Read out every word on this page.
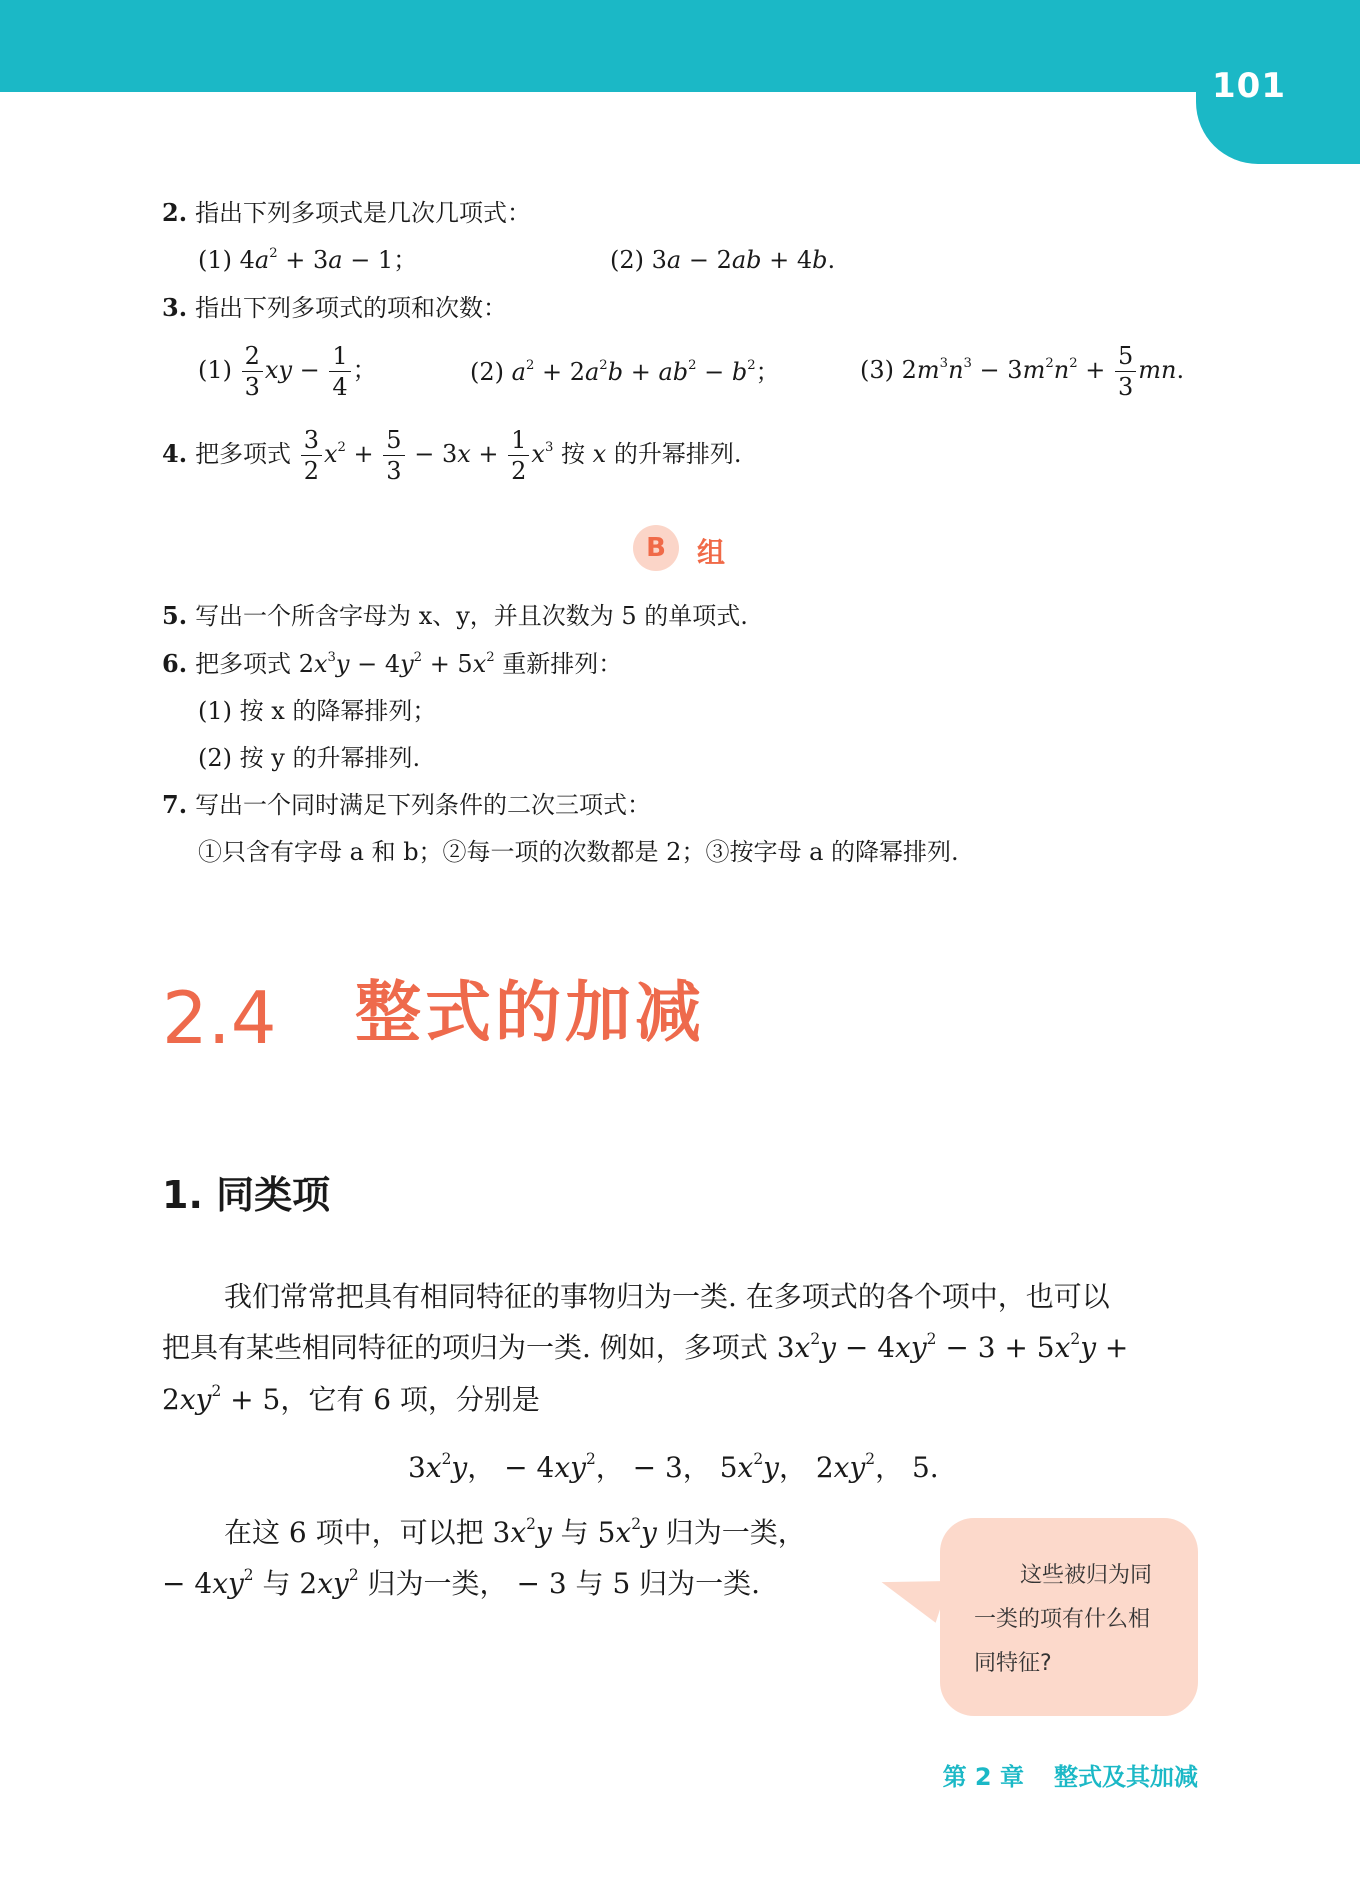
101
2. 指出下列多项式是几次几项式：
(1) $4a^2 + 3a - 1$；	(2) 3a − 2ab + 4b.
3. 指出下列多项式的项和次数：
$(1) \frac{2}{3}$ xy − $\frac{1}{4}$ ；	(2) $a^2 + 2a^2b + ab^2 - b^2$；	(3) $2m^3n^3 - 3m^2n^2 + \frac{5}{3}$ mn.
4. 把多项式 $\frac{3}{2} x^2 + \frac{5}{3} - 3x + \frac{1}{2} x^3$ 按 x 的升幂排列.
B	组
5. 写出一个所含字母为 x、y，并且次数为 5 的单项式.
6. 把多项式 $2x^3y - 4y^2 + 5x^2$ 重新排列：
(1) 按 x 的降幂排列；
(2) 按 y 的升幂排列.
7. 写出一个同时满足下列条件的二次三项式：
①只含有字母 a 和 b；②每一项的次数都是 2；③按字母 a 的降幂排列.
2.4 整式的加减
1. 同类项
我们常常把具有相同特征的事物归为一类. 在多项式的各个项中，也可以
把具有某些相同特征的项归为一类. 例如，多项式 $3x^2y - 4xy^2 - 3 + 5x^2y$ +
$2xy^2 + 5$，它有 6 项，分别是
$3x^2y$， − $4xy^2$， − 3， $5x^2y$， $2xy^2$， 5.
在这 6 项中，可以把 $3x^2y$ 与 $5x^2y$ 归为一类，
− $4xy^2$ 与 $2xy^2$ 归为一类， − 3 与 5 归为一类.	这些被归为同

一类的项有什么相

同特征?

第 2 章 整式及其加减
